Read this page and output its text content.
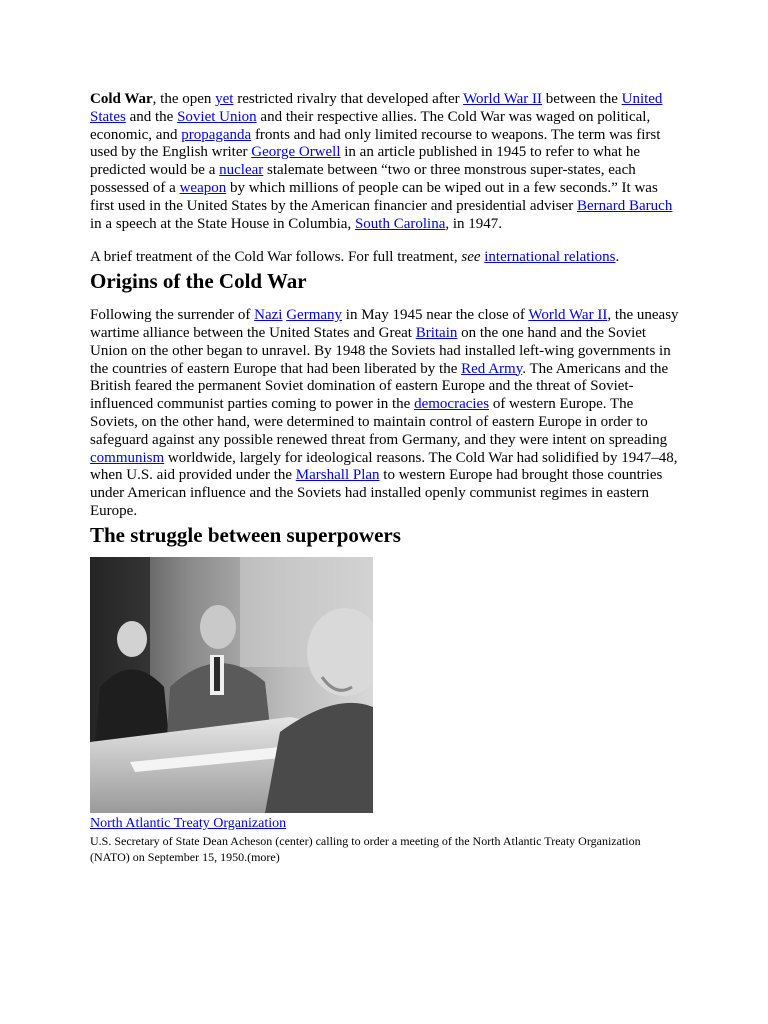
Cold War, the open yet restricted rivalry that developed after World War II between the United States and the Soviet Union and their respective allies. The Cold War was waged on political, economic, and propaganda fronts and had only limited recourse to weapons. The term was first used by the English writer George Orwell in an article published in 1945 to refer to what he predicted would be a nuclear stalemate between “two or three monstrous super-states, each possessed of a weapon by which millions of people can be wiped out in a few seconds.” It was first used in the United States by the American financier and presidential adviser Bernard Baruch in a speech at the State House in Columbia, South Carolina, in 1947.

A brief treatment of the Cold War follows. For full treatment, see international relations.

Origins of the Cold War

Following the surrender of Nazi Germany in May 1945 near the close of World War II, the uneasy wartime alliance between the United States and Great Britain on the one hand and the Soviet Union on the other began to unravel. By 1948 the Soviets had installed left-wing governments in the countries of eastern Europe that had been liberated by the Red Army. The Americans and the British feared the permanent Soviet domination of eastern Europe and the threat of Soviet-influenced communist parties coming to power in the democracies of western Europe. The Soviets, on the other hand, were determined to maintain control of eastern Europe in order to safeguard against any possible renewed threat from Germany, and they were intent on spreading communism worldwide, largely for ideological reasons. The Cold War had solidified by 1947–48, when U.S. aid provided under the Marshall Plan to western Europe had brought those countries under American influence and the Soviets had installed openly communist regimes in eastern Europe.

The struggle between superpowers
North Atlantic Treaty Organization

U.S. Secretary of State Dean Acheson (center) calling to order a meeting of the North Atlantic Treaty Organization (NATO) on September 15, 1950.(more)
